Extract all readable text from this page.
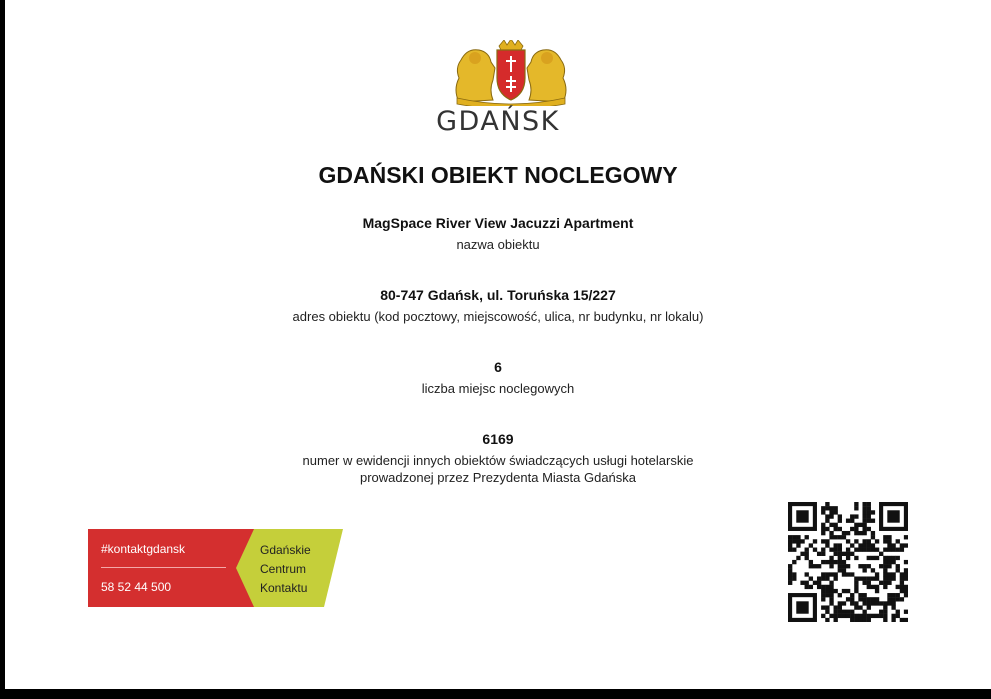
GDAŃSK
GDAŃSKI OBIEKT NOCLEGOWY
MagSpace River View Jacuzzi Apartment
nazwa obiektu
80-747 Gdańsk, ul. Toruńska 15/227
adres obiektu (kod pocztowy, miejscowość, ulica, nr budynku, nr lokalu)
6
liczba miejsc noclegowych
6169
numer w ewidencji innych obiektów świadczących usługi hotelarskie
prowadzonej przez Prezydenta Miasta Gdańska
#kontaktgdansk
58 52 44 500
Gdańskie
Centrum
Kontaktu
